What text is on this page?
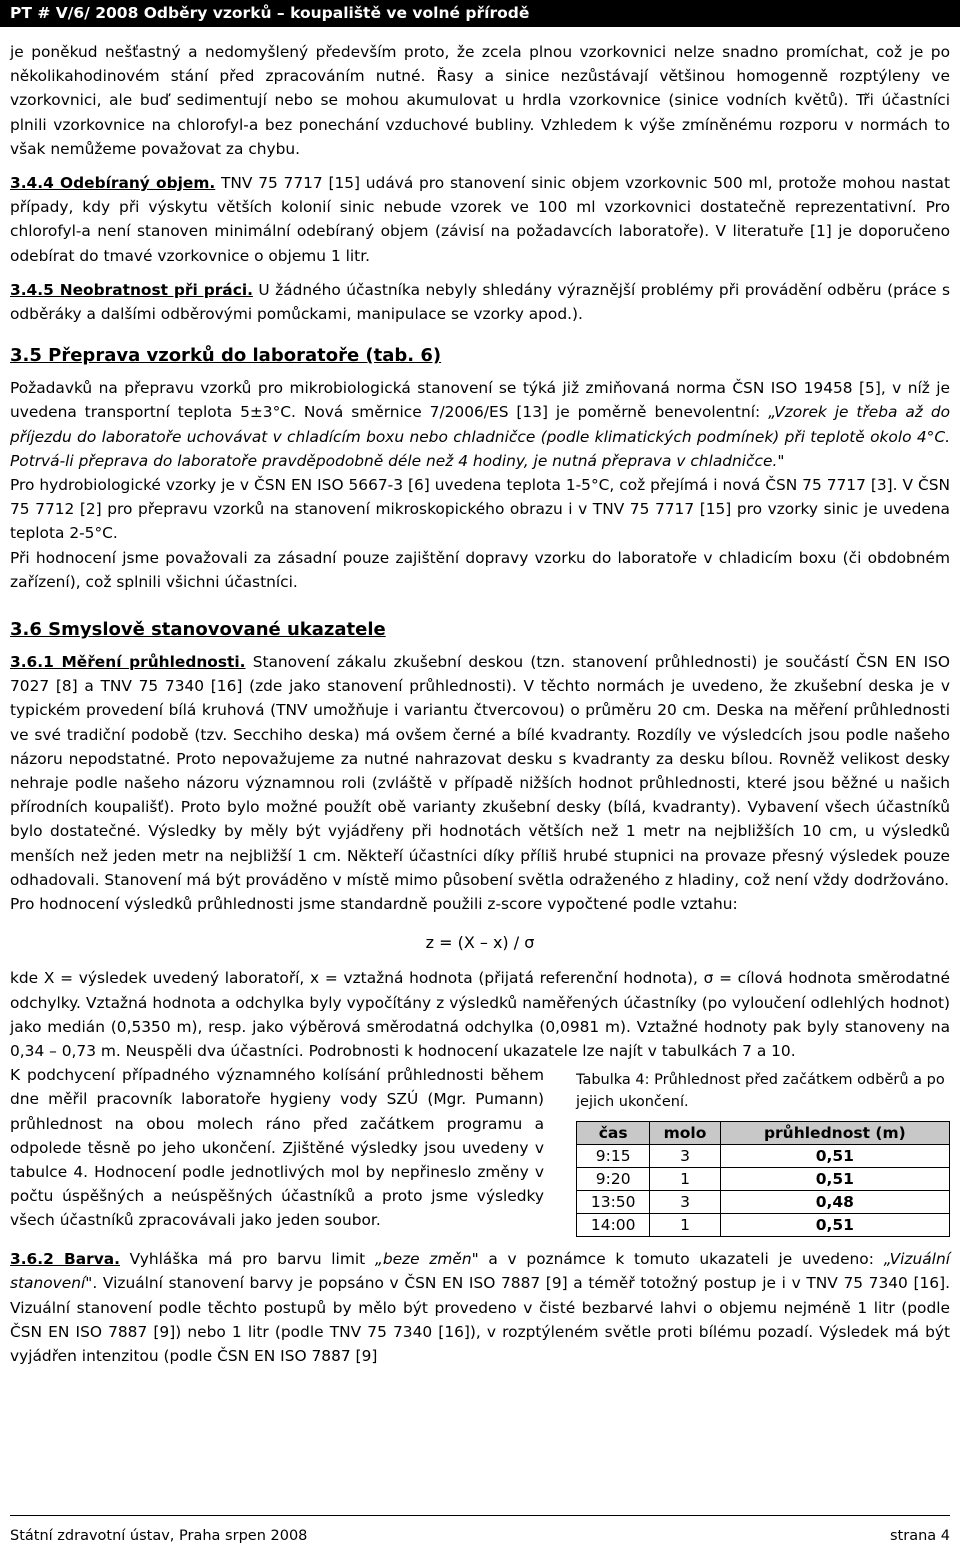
PT # V/6/ 2008 Odběry vzorků – koupaliště ve volné přírodě

je poněkud nešťastný a nedomyšlený především proto, že zcela plnou vzorkovnici nelze snadno promíchat, což je po několikahodinovém stání před zpracováním nutné. Řasy a sinice nezůstávají většinou homogenně rozptýleny ve vzorkovnici, ale buď sedimentují nebo se mohou akumulovat u hrdla vzorkovnice (sinice vodních květů). Tři účastníci plnili vzorkovnice na chlorofyl-a bez ponechání vzduchové bubliny. Vzhledem k výše zmíněnému rozporu v normách to však nemůžeme považovat za chybu.

3.4.4 Odebíraný objem. TNV 75 7717 [15] udává pro stanovení sinic objem vzorkovnic 500 ml, protože mohou nastat případy, kdy při výskytu větších kolonií sinic nebude vzorek ve 100 ml vzorkovnici dostatečně reprezentativní. Pro chlorofyl-a není stanoven minimální odebíraný objem (závisí na požadavcích laboratoře). V literatuře [1] je doporučeno odebírat do tmavé vzorkovnice o objemu 1 litr.

3.4.5 Neobratnost při práci. U žádného účastníka nebyly shledány výraznější problémy při provádění odběru (práce s odběráky a dalšími odběrovými pomůckami, manipulace se vzorky apod.).

3.5 Přeprava vzorků do laboratoře (tab. 6)

Požadavků na přepravu vzorků pro mikrobiologická stanovení se týká již zmiňovaná norma ČSN ISO 19458 [5], v níž je uvedena transportní teplota 5±3°C. Nová směrnice 7/2006/ES [13] je poměrně benevolentní: „Vzorek je třeba až do příjezdu do laboratoře uchovávat v chladícím boxu nebo chladničce (podle klimatických podmínek) při teplotě okolo 4°C. Potrvá-li přeprava do laboratoře pravděpodobně déle než 4 hodiny, je nutná přeprava v chladničce."

Pro hydrobiologické vzorky je v ČSN EN ISO 5667-3 [6] uvedena teplota 1-5°C, což přejímá i nová ČSN 75 7717 [3]. V ČSN 75 7712 [2] pro přepravu vzorků na stanovení mikroskopického obrazu i v TNV 75 7717 [15] pro vzorky sinic je uvedena teplota 2-5°C.

Při hodnocení jsme považovali za zásadní pouze zajištění dopravy vzorku do laboratoře v chladicím boxu (či obdobném zařízení), což splnili všichni účastníci.

3.6 Smyslově stanovované ukazatele

3.6.1 Měření průhlednosti. Stanovení zákalu zkušební deskou (tzn. stanovení průhlednosti) je součástí ČSN EN ISO 7027 [8] a TNV 75 7340 [16] (zde jako stanovení průhlednosti). V těchto normách je uvedeno, že zkušební deska je v typickém provedení bílá kruhová (TNV umožňuje i variantu čtvercovou) o průměru 20 cm. Deska na měření průhlednosti ve své tradiční podobě (tzv. Secchiho deska) má ovšem černé a bílé kvadranty. Rozdíly ve výsledcích jsou podle našeho názoru nepodstatné. Proto nepovažujeme za nutné nahrazovat desku s kvadranty za desku bílou. Rovněž velikost desky nehraje podle našeho názoru významnou roli (zvláště v případě nižších hodnot průhlednosti, které jsou běžné u našich přírodních koupališť). Proto bylo možné použít obě varianty zkušební desky (bílá, kvadranty). Vybavení všech účastníků bylo dostatečné. Výsledky by měly být vyjádřeny při hodnotách větších než 1 metr na nejbližších 10 cm, u výsledků menších než jeden metr na nejbližší 1 cm. Někteří účastníci díky příliš hrubé stupnici na provaze přesný výsledek pouze odhadovali. Stanovení má být prováděno v místě mimo působení světla odraženého z hladiny, což není vždy dodržováno.

Pro hodnocení výsledků průhlednosti jsme standardně použili z-score vypočtené podle vztahu:

z = (X – x) / σ

kde X = výsledek uvedený laboratoří, x = vztažná hodnota (přijatá referenční hodnota), σ = cílová hodnota směrodatné odchylky. Vztažná hodnota a odchylka byly vypočítány z výsledků naměřených účastníky (po vyloučení odlehlých hodnot) jako medián (0,5350 m), resp. jako výběrová směrodatná odchylka (0,0981 m). Vztažné hodnoty pak byly stanoveny na 0,34 – 0,73 m. Neuspěli dva účastníci. Podrobnosti k hodnocení ukazatele lze najít v tabulkách 7 a 10.

K podchycení případného významného kolísání průhlednosti během dne měřil pracovník laboratoře hygieny vody SZÚ (Mgr. Pumann) průhlednost na obou molech ráno před začátkem programu a odpolede těsně po jeho ukončení. Zjištěné výsledky jsou uvedeny v tabulce 4. Hodnocení podle jednotlivých mol by nepřineslo změny v počtu úspěšných a neúspěšných účastníků a proto jsme výsledky všech účastníků zpracovávali jako jeden soubor.

Tabulka 4: Průhlednost před začátkem odběrů a po jejich ukončení.
čas	molo	průhlednost (m)
9:15	3	0,51
9:20	1	0,51
13:50	3	0,48
14:00	1	0,51

3.6.2 Barva. Vyhláška má pro barvu limit „beze změn" a v poznámce k tomuto ukazateli je uvedeno: „Vizuální stanovení". Vizuální stanovení barvy je popsáno v ČSN EN ISO 7887 [9] a téměř totožný postup je i v TNV 75 7340 [16]. Vizuální stanovení podle těchto postupů by mělo být provedeno v čisté bezbarvé lahvi o objemu nejméně 1 litr (podle ČSN EN ISO 7887 [9]) nebo 1 litr (podle TNV 75 7340 [16]), v rozptýleném světle proti bílému pozadí. Výsledek má být vyjádřen intenzitou (podle ČSN EN ISO 7887 [9]

Státní zdravotní ústav, Praha srpen 2008	strana 4
